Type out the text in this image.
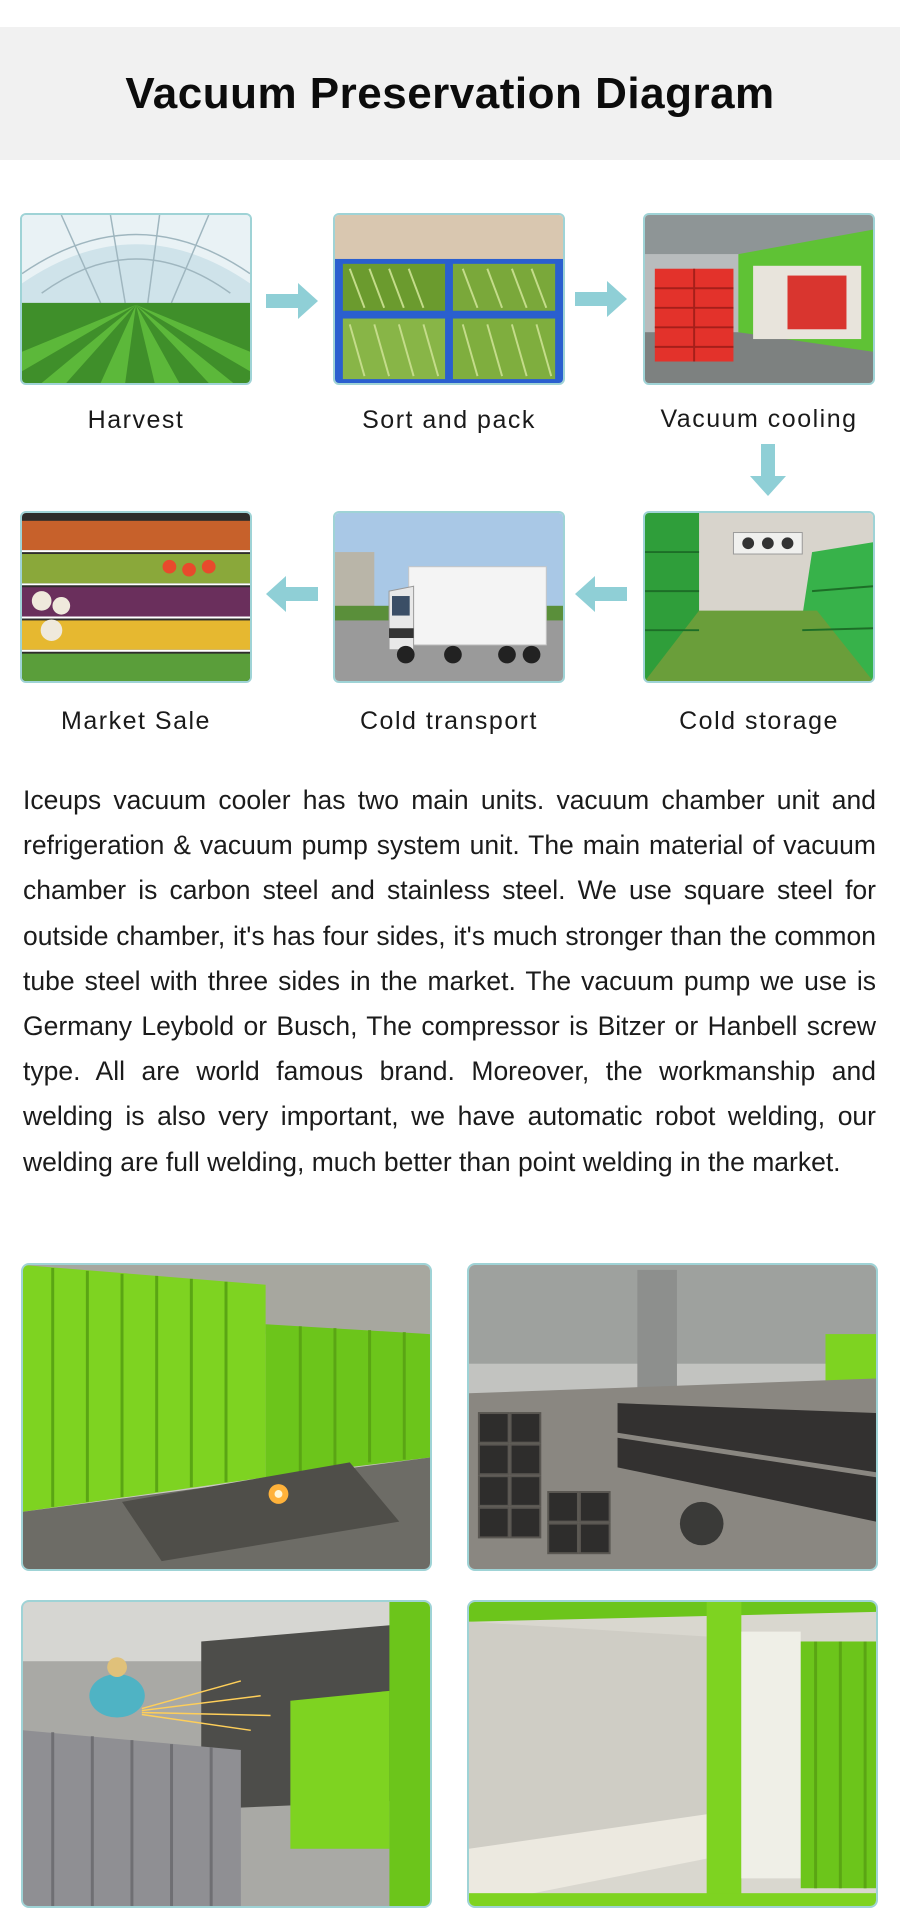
Vacuum Preservation Diagram
Harvest	Sort and pack	Vacuum cooling
Cold storage
Cold transport
Market Sale
Iceups vacuum cooler has two main units. vacuum chamber unit and refrigeration & vacuum pump system unit. The main material of vacuum chamber is carbon steel and stainless steel. We use square steel for outside chamber, it's has four sides, it's much stronger than the common tube steel with three sides in the market. The vacuum pump we use is Germany Leybold or Busch, The compressor is Bitzer or Hanbell screw type. All are world famous brand. Moreover, the workmanship and welding is also very important, we have automatic robot welding, our welding are full welding, much better than point welding in the market.
